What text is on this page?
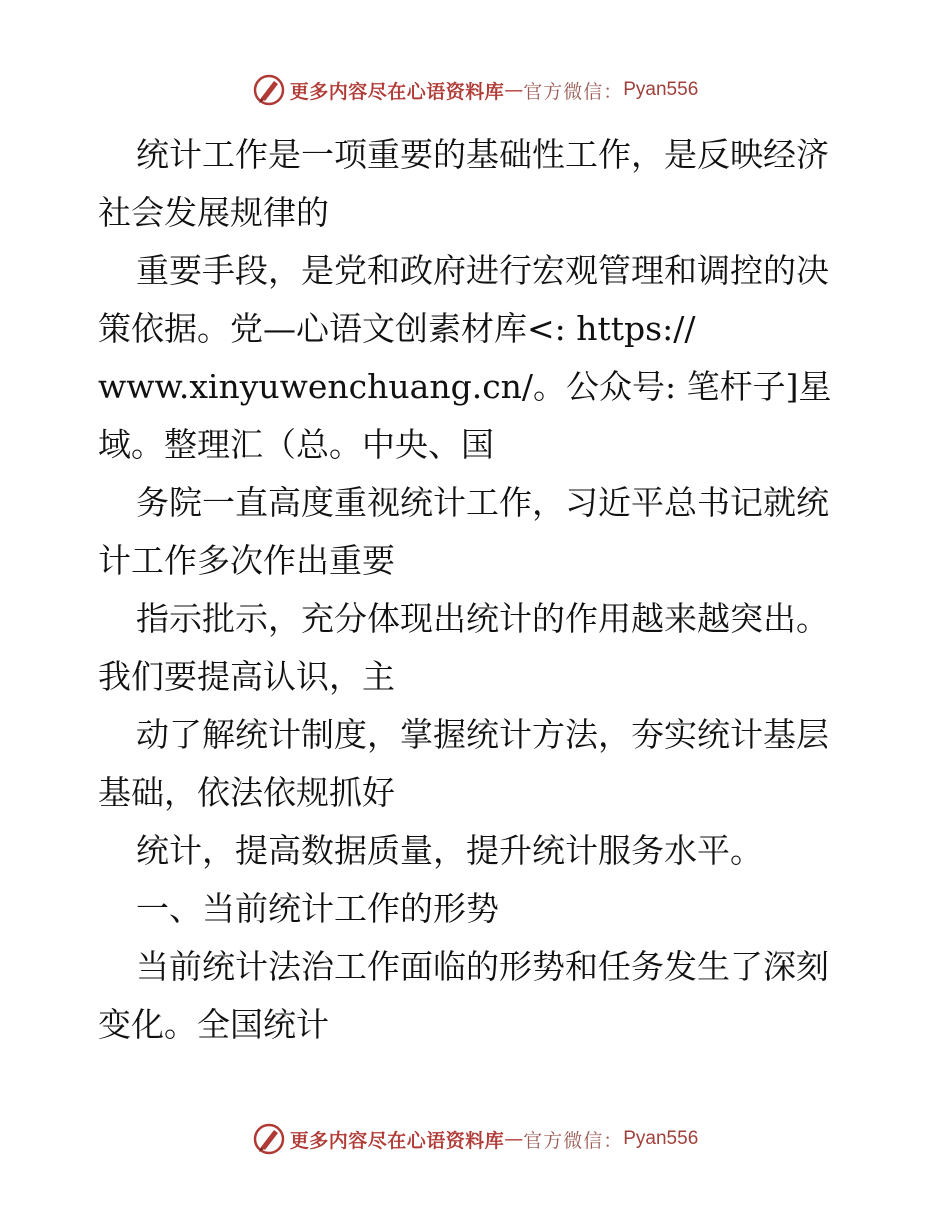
更多内容尽在心语资料库 — 官方微信： Pyan556
统计工作是一项重要的基础性工作，是反映经济
社会发展规律的
重要手段，是党和政府进行宏观管理和调控的决
策依据。党—心语文创素材库<: https://
www.xinyuwenchuang.cn/。公众号: 笔杆子]星
域。整理汇（总。中央、国
务院一直高度重视统计工作，习近平总书记就统
计工作多次作出重要
指示批示，充分体现出统计的作用越来越突出。
我们要提高认识，主
动了解统计制度，掌握统计方法，夯实统计基层
基础，依法依规抓好
统计，提高数据质量，提升统计服务水平。
一、当前统计工作的形势
当前统计法治工作面临的形势和任务发生了深刻
变化。全国统计
更多内容尽在心语资料库 — 官方微信： Pyan556
